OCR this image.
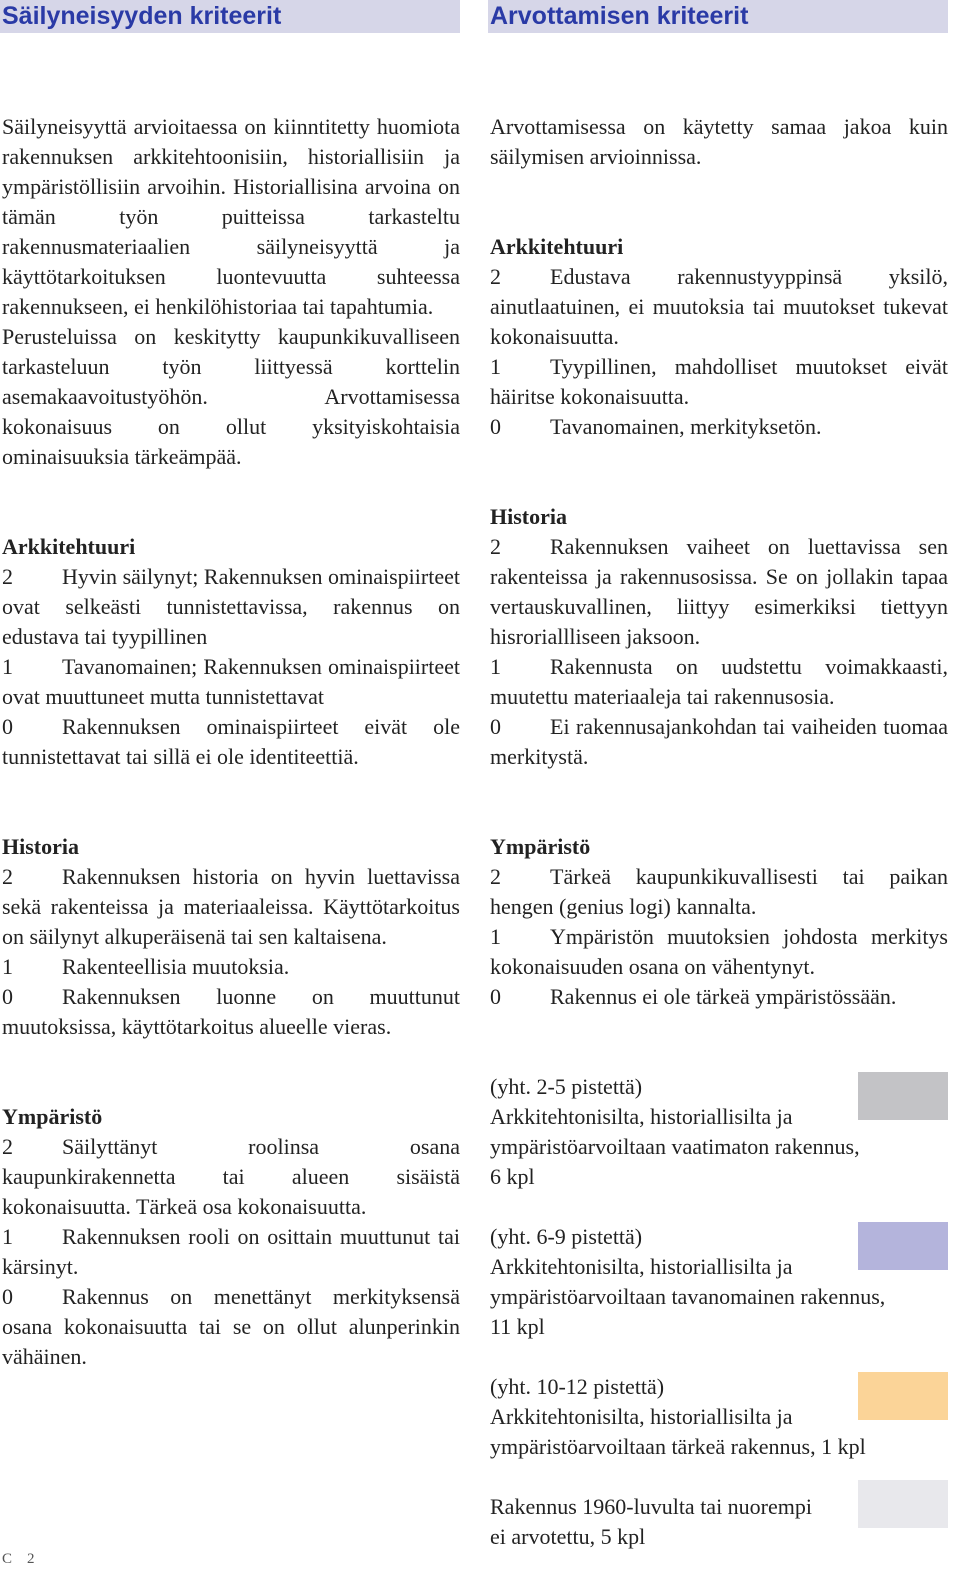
Säilyneisyyden kriteerit	Arvottamisen kriteerit

Säilyneisyyttä arvioitaessa on kiinntitetty huomiota rakennuksen arkkitehtoonisiin, historiallisiin ja ympäristöllisiin arvoihin. Historiallisina arvoina on tämän työn puitteissa tarkasteltu rakennusmateriaalien säilyneisyyttä ja käyttötarkoituksen luontevuutta suhteessa rakennukseen, ei henkilöhistoriaa tai tapahtumia.

Perusteluissa on keskitytty kaupunkikuvalliseen tarkasteluun työn liittyessä korttelin asemakaavoitustyöhön. Arvottamisessa kokonaisuus on ollut yksityiskohtaisia ominaisuuksia tärkeämpää.

Arkkitehtuuri

2 Hyvin säilynyt; Rakennuksen ominaispiirteet ovat selkeästi tunnistettavissa, rakennus on edustava tai tyypillinen

1 Tavanomainen; Rakennuksen ominaispiirteet ovat muuttuneet mutta tunnistettavat

0 Rakennuksen ominaispiirteet eivät ole tunnistettavat tai sillä ei ole identiteettiä.

Historia

2 Rakennuksen historia on hyvin luettavissa sekä rakenteissa ja materiaaleissa. Käyttötarkoitus on säilynyt alkuperäisenä tai sen kaltaisena.

1 Rakenteellisia muutoksia.

0 Rakennuksen luonne on muuttunut muutoksissa, käyttötarkoitus alueelle vieras.

Ympäristö

2 Säilyttänyt roolinsa osana kaupunkirakennetta tai alueen sisäistä kokonaisuutta. Tärkeä osa kokonaisuutta.

1 Rakennuksen rooli on osittain muuttunut tai kärsinyt.

0 Rakennus on menettänyt merkityksensä osana kokonaisuutta tai se on ollut alunperinkin vähäinen.

Arvottamisessa on käytetty samaa jakoa kuin säilymisen arvioinnissa.

Arkkitehtuuri

2 Edustava rakennustyyppinsä yksilö, ainutlaatuinen, ei muutoksia tai muutokset tukevat kokonaisuutta.

1 Tyypillinen, mahdolliset muutokset eivät häiritse kokonaisuutta.

0 Tavanomainen, merkityksetön.

Historia

2 Rakennuksen vaiheet on luettavissa sen rakenteissa ja rakennusosissa. Se on jollakin tapaa vertauskuvallinen, liittyy esimerkiksi tiettyyn hisroriallliseen jaksoon.

1 Rakennusta on uudstettu voimakkaasti, muutettu materiaaleja tai rakennusosia.

0 Ei rakennusajankohdan tai vaiheiden tuomaa merkitystä.

Ympäristö

2 Tärkeä kaupunkikuvallisesti tai paikan hengen (genius logi) kannalta.

1 Ympäristön muutoksien johdosta merkitys kokonaisuuden osana on vähentynyt.

0 Rakennus ei ole tärkeä ympäristössään.

(yht. 2-5 pistettä)

Arkkitehtonisilta, historiallisilta ja

ympäristöarvoiltaan vaatimaton rakennus,

6 kpl

(yht. 6-9 pistettä)

Arkkitehtonisilta, historiallisilta ja

ympäristöarvoiltaan tavanomainen rakennus,

11 kpl

(yht. 10-12 pistettä)

Arkkitehtonisilta, historiallisilta ja

ympäristöarvoiltaan tärkeä rakennus, 1 kpl

Rakennus 1960-luvulta tai nuorempi

ei arvotettu, 5 kpl

C 2
